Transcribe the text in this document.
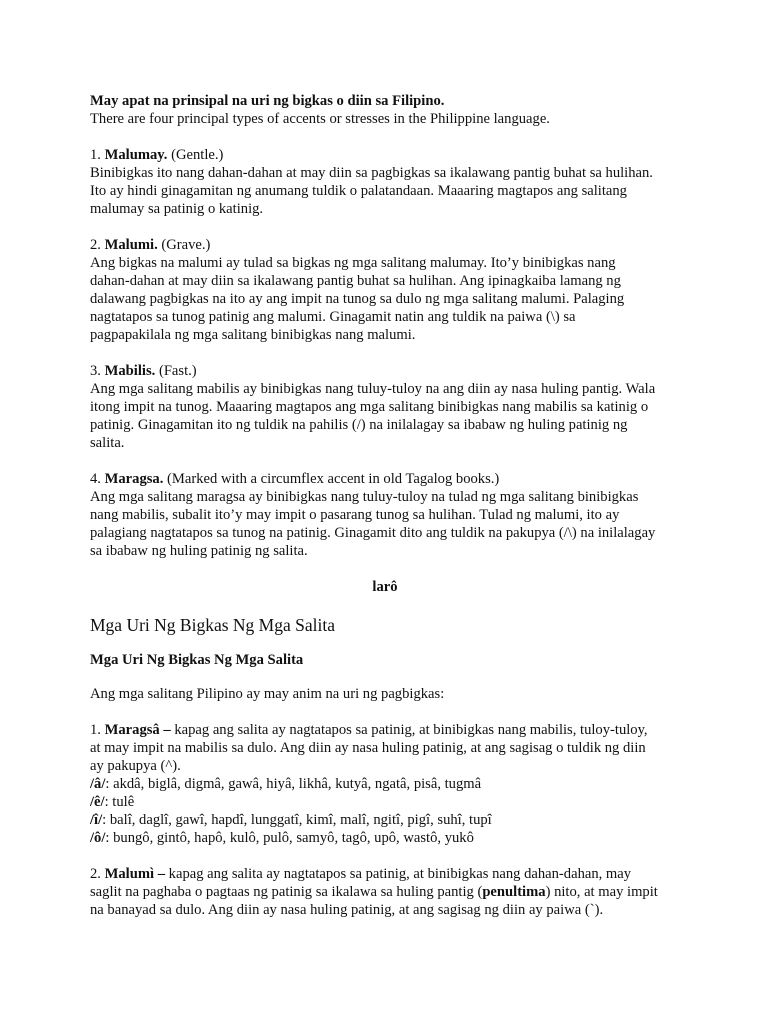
May apat na prinsipal na uri ng bigkas o diin sa Filipino.

There are four principal types of accents or stresses in the Philippine language.

1. Malumay. (Gentle.)

Binibigkas ito nang dahan-dahan at may diin sa pagbigkas sa ikalawang pantig buhat sa hulihan.

Ito ay hindi ginagamitan ng anumang tuldik o palatandaan. Maaaring magtapos ang salitang

malumay sa patinig o katinig.

2. Malumi. (Grave.)

Ang bigkas na malumi ay tulad sa bigkas ng mga salitang malumay. Ito’y binibigkas nang

dahan-dahan at may diin sa ikalawang pantig buhat sa hulihan. Ang ipinagkaiba lamang ng

dalawang pagbigkas na ito ay ang impit na tunog sa dulo ng mga salitang malumi. Palaging

nagtatapos sa tunog patinig ang malumi. Ginagamit natin ang tuldik na paiwa (\) sa

pagpapakilala ng mga salitang binibigkas nang malumi.

3. Mabilis. (Fast.)

Ang mga salitang mabilis ay binibigkas nang tuluy-tuloy na ang diin ay nasa huling pantig. Wala

itong impit na tunog. Maaaring magtapos ang mga salitang binibigkas nang mabilis sa katinig o

patinig. Ginagamitan ito ng tuldik na pahilis (/) na inilalagay sa ibabaw ng huling patinig ng

salita.

4. Maragsa. (Marked with a circumflex accent in old Tagalog books.)

Ang mga salitang maragsa ay binibigkas nang tuluy-tuloy na tulad ng mga salitang binibigkas

nang mabilis, subalit ito’y may impit o pasarang tunog sa hulihan. Tulad ng malumi, ito ay

palagiang nagtatapos sa tunog na patinig. Ginagamit dito ang tuldik na pakupya (/\) na inilalagay

sa ibabaw ng huling patinig ng salita.

larô

Mga Uri Ng Bigkas Ng Mga Salita

Mga Uri Ng Bigkas Ng Mga Salita

Ang mga salitang Pilipino ay may anim na uri ng pagbigkas:

1. Maragsâ – kapag ang salita ay nagtatapos sa patinig, at binibigkas nang mabilis, tuloy-tuloy,

at may impit na mabilis sa dulo. Ang diin ay nasa huling patinig, at ang sagisag o tuldik ng diin

ay pakupya (^).

/â/: akdâ, biglâ, digmâ, gawâ, hiyâ, likhâ, kutyâ, ngatâ, pisâ, tugmâ

/ê/: tulê

/î/: balî, daglî, gawî, hapdî, lunggatî, kimî, malî, ngitî, pigî, suhî, tupî

/ô/: bungô, gintô, hapô, kulô, pulô, samyô, tagô, upô, wastô, yukô

2. Malumì – kapag ang salita ay nagtatapos sa patinig, at binibigkas nang dahan-dahan, may

saglit na paghaba o pagtaas ng patinig sa ikalawa sa huling pantig (penultima) nito, at may impit

na banayad sa dulo. Ang diin ay nasa huling patinig, at ang sagisag ng diin ay paiwa (`).
